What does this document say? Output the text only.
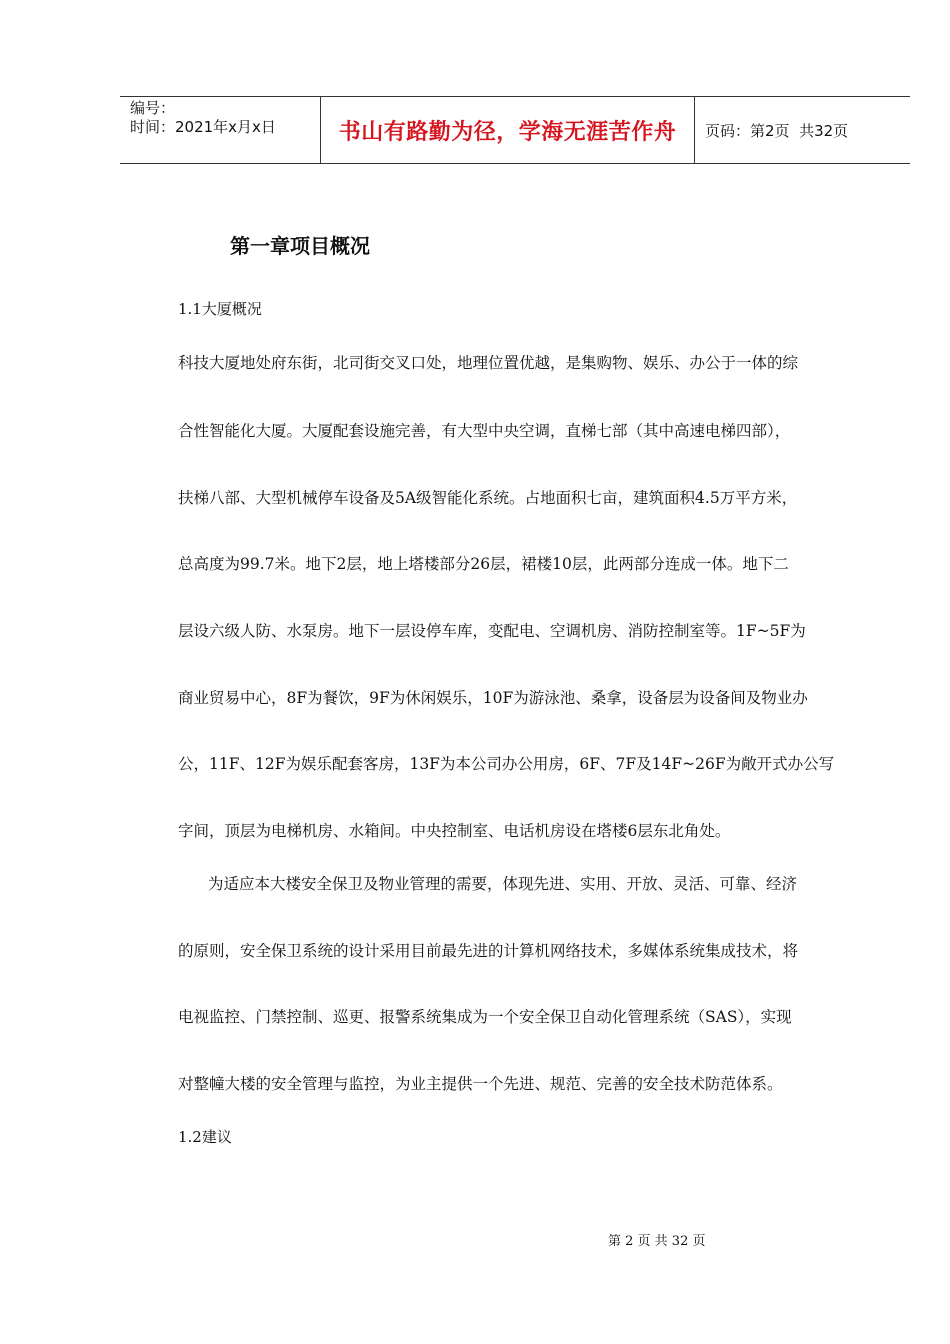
编号：
时间：2021年x月x日	书山有路勤为径，学海无涯苦作舟	页码：第2页  共32页
第一章项目概况
1.1大厦概况
科技大厦地处府东街，北司街交叉口处，地理位置优越，是集购物、娱乐、办公于一体的综
合性智能化大厦。大厦配套设施完善，有大型中央空调，直梯七部（其中高速电梯四部），
扶梯八部、大型机械停车设备及5A级智能化系统。占地面积七亩，建筑面积4.5万平方米，
总高度为99.7米。地下2层，地上塔楼部分26层，裙楼10层，此两部分连成一体。地下二
层设六级人防、水泵房。地下一层设停车库，变配电、空调机房、消防控制室等。1F~5F为
商业贸易中心，8F为餐饮，9F为休闲娱乐，10F为游泳池、桑拿，设备层为设备间及物业办
公，11F、12F为娱乐配套客房，13F为本公司办公用房，6F、7F及14F~26F为敞开式办公写
字间，顶层为电梯机房、水箱间。中央控制室、电话机房设在塔楼6层东北角处。
为适应本大楼安全保卫及物业管理的需要，体现先进、实用、开放、灵活、可靠、经济
的原则，安全保卫系统的设计采用目前最先进的计算机网络技术，多媒体系统集成技术，将
电视监控、门禁控制、巡更、报警系统集成为一个安全保卫自动化管理系统（SAS），实现
对整幢大楼的安全管理与监控，为业主提供一个先进、规范、完善的安全技术防范体系。
1.2建议
第 2 页 共 32 页
